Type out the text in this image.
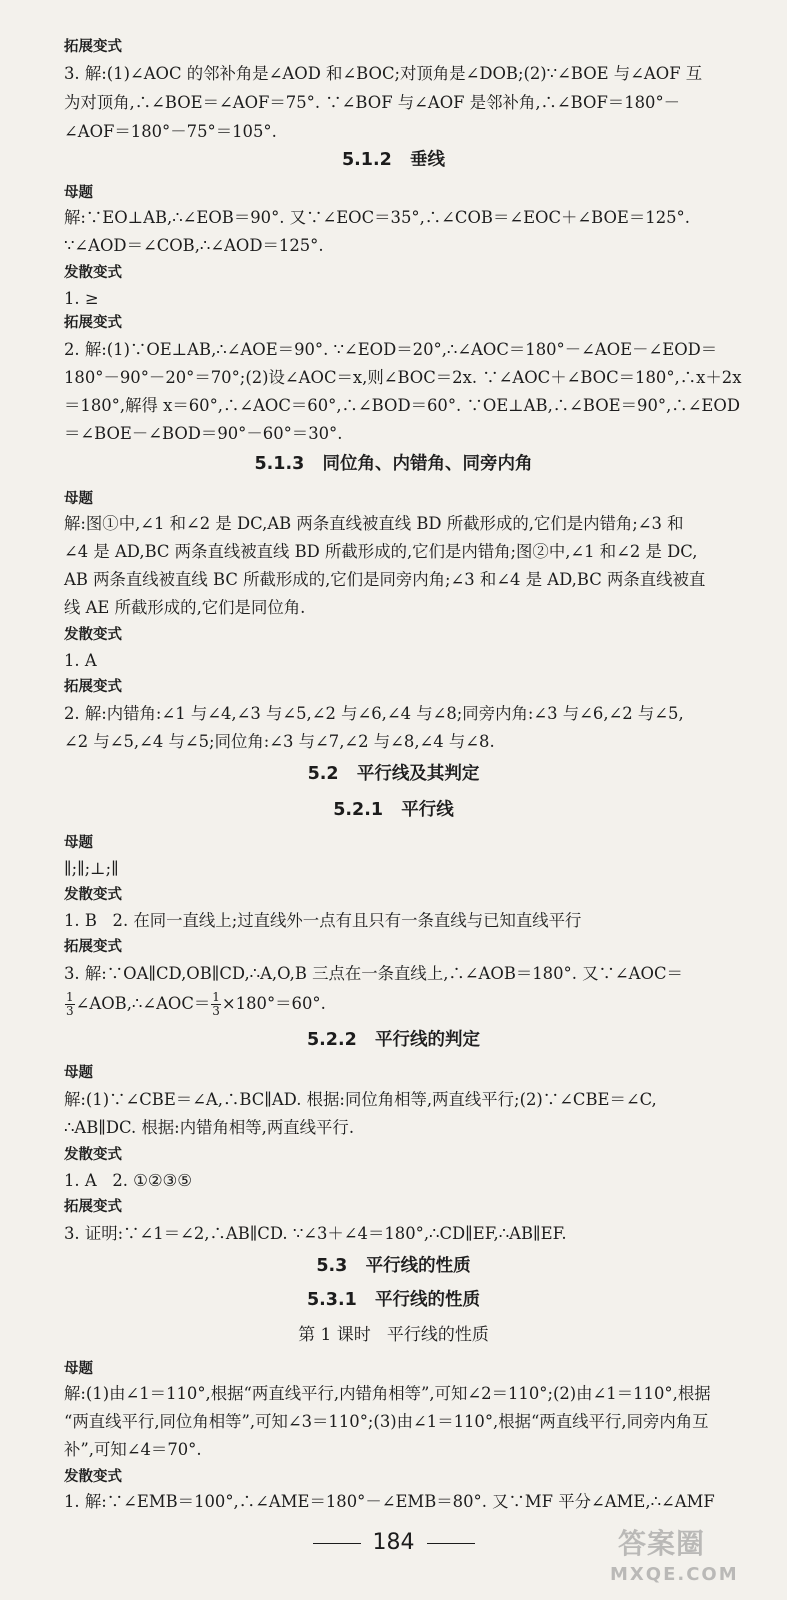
拓展变式
3. 解:(1)∠AOC 的邻补角是∠AOD 和∠BOC;对顶角是∠DOB;(2)∵∠BOE 与∠AOF 互
为对顶角,∴∠BOE＝∠AOF＝75°. ∵∠BOF 与∠AOF 是邻补角,∴∠BOF＝180°－
∠AOF＝180°－75°＝105°.
5.1.2   垂线
母题
解:∵EO⊥AB,∴∠EOB＝90°. 又∵∠EOC＝35°,∴∠COB＝∠EOC＋∠BOE＝125°.
∵∠AOD＝∠COB,∴∠AOD＝125°.
发散变式
1. ≥
拓展变式
2. 解:(1)∵OE⊥AB,∴∠AOE＝90°. ∵∠EOD＝20°,∴∠AOC＝180°－∠AOE－∠EOD＝
180°－90°－20°＝70°;(2)设∠AOC＝x,则∠BOC＝2x. ∵∠AOC＋∠BOC＝180°,∴x＋2x
＝180°,解得 x＝60°,∴∠AOC＝60°,∴∠BOD＝60°. ∵OE⊥AB,∴∠BOE＝90°,∴∠EOD
＝∠BOE－∠BOD＝90°－60°＝30°.
5.1.3   同位角、内错角、同旁内角
母题
解:图①中,∠1 和∠2 是 DC,AB 两条直线被直线 BD 所截形成的,它们是内错角;∠3 和
∠4 是 AD,BC 两条直线被直线 BD 所截形成的,它们是内错角;图②中,∠1 和∠2 是 DC,
AB 两条直线被直线 BC 所截形成的,它们是同旁内角;∠3 和∠4 是 AD,BC 两条直线被直
线 AE 所截形成的,它们是同位角.
发散变式
1. A
拓展变式
2. 解:内错角:∠1 与∠4,∠3 与∠5,∠2 与∠6,∠4 与∠8;同旁内角:∠3 与∠6,∠2 与∠5,
∠2 与∠5,∠4 与∠5;同位角:∠3 与∠7,∠2 与∠8,∠4 与∠8.
5.2   平行线及其判定
5.2.1   平行线
母题
∥;∥;⊥;∥
发散变式
1. B   2. 在同一直线上;过直线外一点有且只有一条直线与已知直线平行
拓展变式
3. 解:∵OA∥CD,OB∥CD,∴A,O,B 三点在一条直线上,∴∠AOB＝180°. 又∵∠AOC＝
$\frac{1}{3}$ ∠AOB,∴∠AOC＝ $\frac{1}{3} \times 180^\circ=60^\circ$.
5.2.2   平行线的判定
母题
解:(1)∵∠CBE＝∠A,∴BC∥AD. 根据:同位角相等,两直线平行;(2)∵∠CBE＝∠C,
∴AB∥DC. 根据:内错角相等,两直线平行.
发散变式
1. A   2. ①②③⑤
拓展变式
3. 证明:∵∠1＝∠2,∴AB∥CD. ∵∠3＋∠4＝180°,∴CD∥EF,∴AB∥EF.
5.3   平行线的性质
5.3.1   平行线的性质
第 1 课时   平行线的性质
母题
解:(1)由∠1＝110°,根据“两直线平行,内错角相等”,可知∠2＝110°;(2)由∠1＝110°,根据
“两直线平行,同位角相等”,可知∠3＝110°;(3)由∠1＝110°,根据“两直线平行,同旁内角互
补”,可知∠4＝70°.
发散变式
1. 解:∵∠EMB＝100°,∴∠AME＝180°－∠EMB＝80°. 又∵MF 平分∠AME,∴∠AMF
184	答案圈
MXQE.COM
